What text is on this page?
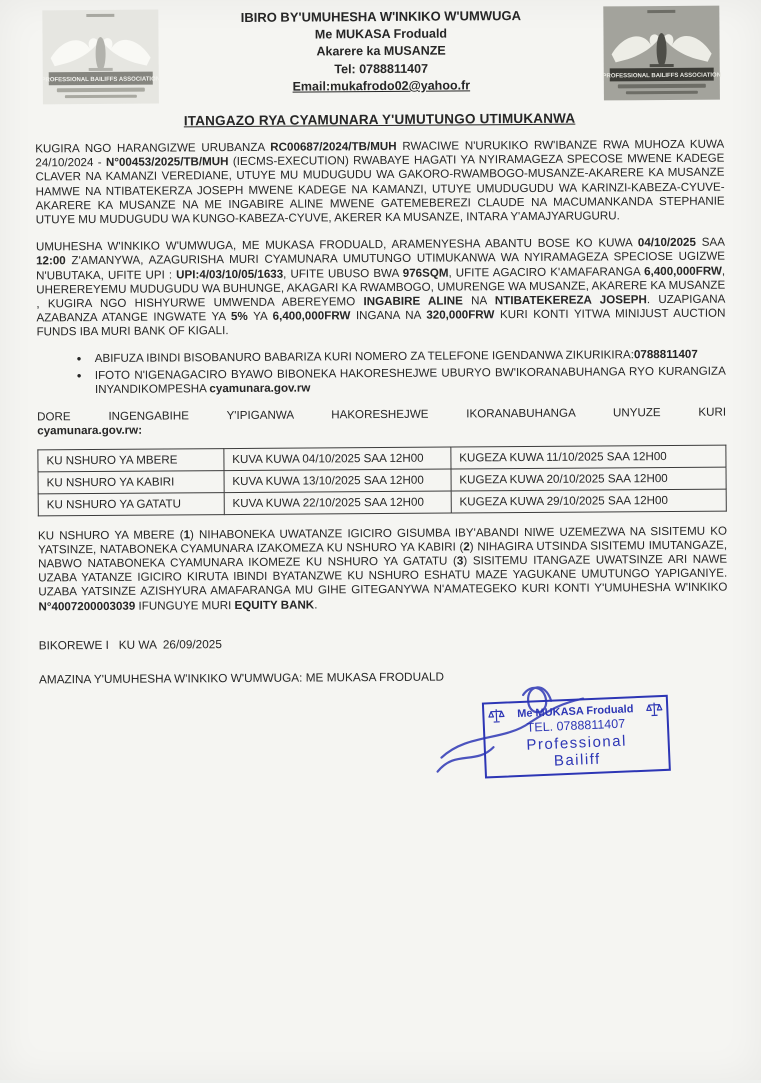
PROFESSIONAL BAILIFFS ASSOCIATION
IBIRO BY'UMUHESHA W'INKIKO W'UMWUGA
Me MUKASA Froduald
Akarere ka MUSANZE
Tel: 0788811407
Email:mukafrodo02@yahoo.fr
PROFESSIONAL BAILIFFS ASSOCIATION
ITANGAZO RYA CYAMUNARA Y'UMUTUNGO UTIMUKANWA

KUGIRA NGO HARANGIZWE URUBANZA RC00687/2024/TB/MUH RWACIWE N'URUKIKO RW'IBANZE RWA MUHOZA KUWA 24/10/2024 - N°00453/2025/TB/MUH (IECMS-EXECUTION) RWABAYE HAGATI YA NYIRAMAGEZA SPECOSE MWENE KADEGE CLAVER NA KAMANZI VEREDIANE, UTUYE MU MUDUGUDU WA GAKORO-RWAMBOGO-MUSANZE-AKARERE KA MUSANZE HAMWE NA NTIBATEKERZA JOSEPH MWENE KADEGE NA KAMANZI, UTUYE UMUDUGUDU WA KARINZI-KABEZA-CYUVE- AKARERE KA MUSANZE NA ME INGABIRE ALINE MWENE GATEMEBEREZI CLAUDE NA MACUMANKANDA STEPHANIE UTUYE MU MUDUGUDU WA KUNGO-KABEZA-CYUVE, AKERER KA MUSANZE, INTARA Y'AMAJYARUGURU.

UMUHESHA W'INKIKO W'UMWUGA, ME MUKASA FRODUALD, ARAMENYESHA ABANTU BOSE KO KUWA 04/10/2025 SAA 12:00 Z'AMANYWA, AZAGURISHA MURI CYAMUNARA UMUTUNGO UTIMUKANWA WA NYIRAMAGEZA SPECIOSE UGIZWE N'UBUTAKA, UFITE UPI : UPI:4/03/10/05/1633, UFITE UBUSO BWA 976SQM, UFITE AGACIRO K'AMAFARANGA 6,400,000FRW, UHEREREYEMU MUDUGUDU WA BUHUNGE, AKAGARI KA RWAMBOGO, UMURENGE WA MUSANZE, AKARERE KA MUSANZE , KUGIRA NGO HISHYURWE UMWENDA ABEREYEMO INGABIRE ALINE NA NTIBATEKEREZA JOSEPH. UZAPIGANA AZABANZA ATANGE INGWATE YA 5% YA 6,400,000FRW INGANA NA 320,000FRW KURI KONTI YITWA MINIJUST AUCTION FUNDS IBA MURI BANK OF KIGALI.

• ABIFUZA IBINDI BISOBANURO BABARIZA KURI NOMERO ZA TELEFONE IGENDANWA ZIKURIKIRA:0788811407
• IFOTO N'IGENAGACIRO BYAWO BIBONEKA HAKORESHEJWE UBURYO BW'IKORANABUHANGA RYO KURANGIZA INYANDIKOMPESHA cyamunara.gov.rw

DORE INGENGABIHE Y'IPIGANWA HAKORESHEJWE IKORANABUHANGA UNYUZE KURI cyamunara.gov.rw:

KU NSHURO YA MBERE	KUVA KUWA 04/10/2025 SAA 12H00	KUGEZA KUWA 11/10/2025 SAA 12H00
KU NSHURO YA KABIRI	KUVA KUWA 13/10/2025 SAA 12H00	KUGEZA KUWA 20/10/2025 SAA 12H00
KU NSHURO YA GATATU	KUVA KUWA 22/10/2025 SAA 12H00	KUGEZA KUWA 29/10/2025 SAA 12H00

KU NSHURO YA MBERE (1) NIHABONEKA UWATANZE IGICIRO GISUMBA IBY'ABANDI NIWE UZEMEZWA NA SISITEMU KO YATSINZE, NATABONEKA CYAMUNARA IZAKOMEZA KU NSHURO YA KABIRI (2) NIHAGIRA UTSINDA SISITEMU IMUTANGAZE, NABWO NATABONEKA CYAMUNARA IKOMEZE KU NSHURO YA GATATU (3) SISITEMU ITANGAZE UWATSINZE ARI NAWE UZABA YATANZE IGICIRO KIRUTA IBINDI BYATANZWE KU NSHURO ESHATU MAZE YAGUKANE UMUTUNGO YAPIGANIYE. UZABA YATSINZE AZISHYURA AMAFARANGA MU GIHE GITEGANYWA N'AMATEGEKO KURI KONTI Y'UMUHESHA W'INKIKO N°4007200003039 IFUNGUYE MURI EQUITY BANK.

BIKOREWE I   KU WA  26/09/2025

AMAZINA Y'UMUHESHA W'INKIKO W'UMWUGA: ME MUKASA FRODUALD

Me MUKASA Froduald
TEL. 0788811407
Professional Bailiff
